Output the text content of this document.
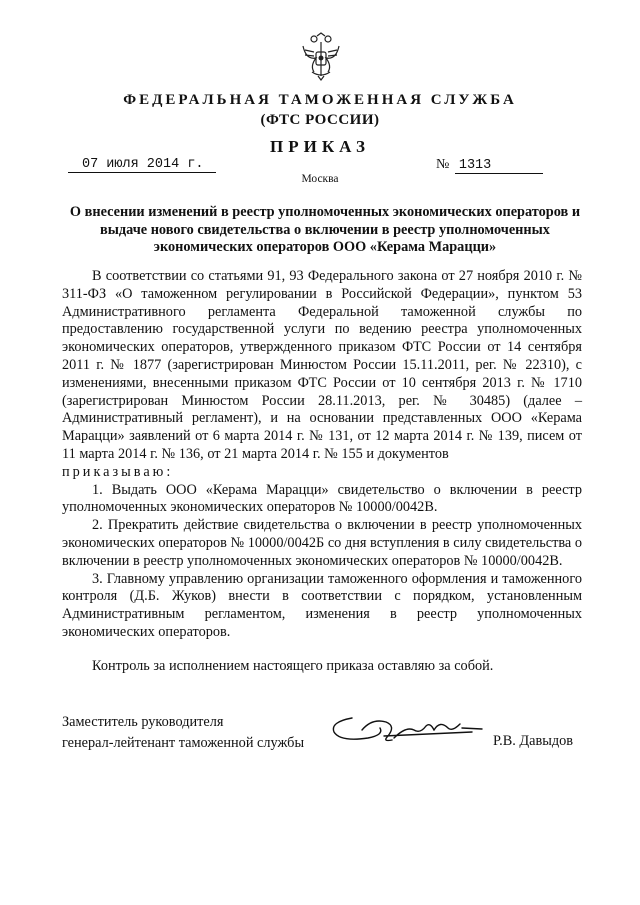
ФЕДЕРАЛЬНАЯ ТАМОЖЕННАЯ СЛУЖБА
(ФТС РОССИИ)
ПРИКАЗ
07 июля 2014 г.	№ 1313
Москва
О внесении изменений в реестр уполномоченных экономических операторов и выдаче нового свидетельства о включении в реестр уполномоченных экономических операторов ООО «Керама Марацци»

В соответствии со статьями 91, 93 Федерального закона от 27 ноября 2010 г. № 311-ФЗ «О таможенном регулировании в Российской Федерации», пунктом 53 Административного регламента Федеральной таможенной службы по предоставлению государственной услуги по ведению реестра уполномоченных экономических операторов, утвержденного приказом ФТС России от 14 сентября 2011 г. № 1877 (зарегистрирован Минюстом России 15.11.2011, рег. № 22310), с изменениями, внесенными приказом ФТС России от 10 сентября 2013 г. № 1710 (зарегистрирован Минюстом России 28.11.2013, рег. № 30485) (далее – Административный регламент), и на основании представленных ООО «Керама Марацци» заявлений от 6 марта 2014 г. № 131, от 12 марта 2014 г. № 139, писем от 11 марта 2014 г. № 136, от 21 марта 2014 г. № 155 и документов

приказываю:

1. Выдать ООО «Керама Марацци» свидетельство о включении в реестр уполномоченных экономических операторов № 10000/0042В.

2. Прекратить действие свидетельства о включении в реестр уполномоченных экономических операторов № 10000/0042Б со дня вступления в силу свидетельства о включении в реестр уполномоченных экономических операторов № 10000/0042В.

3. Главному управлению организации таможенного оформления и таможенного контроля (Д.Б. Жуков) внести в соответствии с порядком, установленным Административным регламентом, изменения в реестр уполномоченных экономических операторов.

Контроль за исполнением настоящего приказа оставляю за собой.

Заместитель руководителя
генерал-лейтенант таможенной службы	Р.В. Давыдов
